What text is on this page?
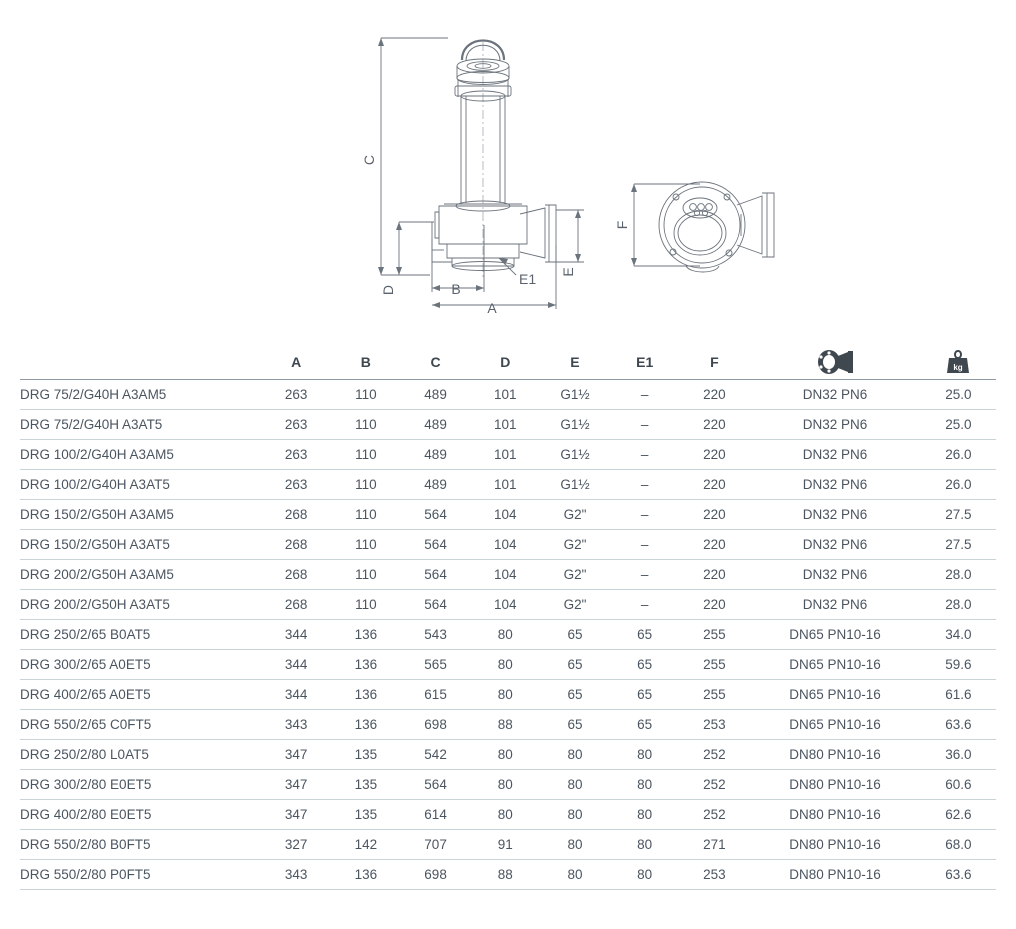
C
D	B
A
E
E1
F
	A	B	C	D	E	E1	F		kg

DRG 75/2/G40H A3AM5	263	110	489	101	G1½	–	220	DN32 PN6	25.0
DRG 75/2/G40H A3AT5	263	110	489	101	G1½	–	220	DN32 PN6	25.0
DRG 100/2/G40H A3AM5	263	110	489	101	G1½	–	220	DN32 PN6	26.0
DRG 100/2/G40H A3AT5	263	110	489	101	G1½	–	220	DN32 PN6	26.0
DRG 150/2/G50H A3AM5	268	110	564	104	G2"	–	220	DN32 PN6	27.5
DRG 150/2/G50H A3AT5	268	110	564	104	G2"	–	220	DN32 PN6	27.5
DRG 200/2/G50H A3AM5	268	110	564	104	G2"	–	220	DN32 PN6	28.0
DRG 200/2/G50H A3AT5	268	110	564	104	G2"	–	220	DN32 PN6	28.0
DRG 250/2/65 B0AT5	344	136	543	80	65	65	255	DN65 PN10-16	34.0
DRG 300/2/65 A0ET5	344	136	565	80	65	65	255	DN65 PN10-16	59.6
DRG 400/2/65 A0ET5	344	136	615	80	65	65	255	DN65 PN10-16	61.6
DRG 550/2/65 C0FT5	343	136	698	88	65	65	253	DN65 PN10-16	63.6
DRG 250/2/80 L0AT5	347	135	542	80	80	80	252	DN80 PN10-16	36.0
DRG 300/2/80 E0ET5	347	135	564	80	80	80	252	DN80 PN10-16	60.6
DRG 400/2/80 E0ET5	347	135	614	80	80	80	252	DN80 PN10-16	62.6
DRG 550/2/80 B0FT5	327	142	707	91	80	80	271	DN80 PN10-16	68.0
DRG 550/2/80 P0FT5	343	136	698	88	80	80	253	DN80 PN10-16	63.6
